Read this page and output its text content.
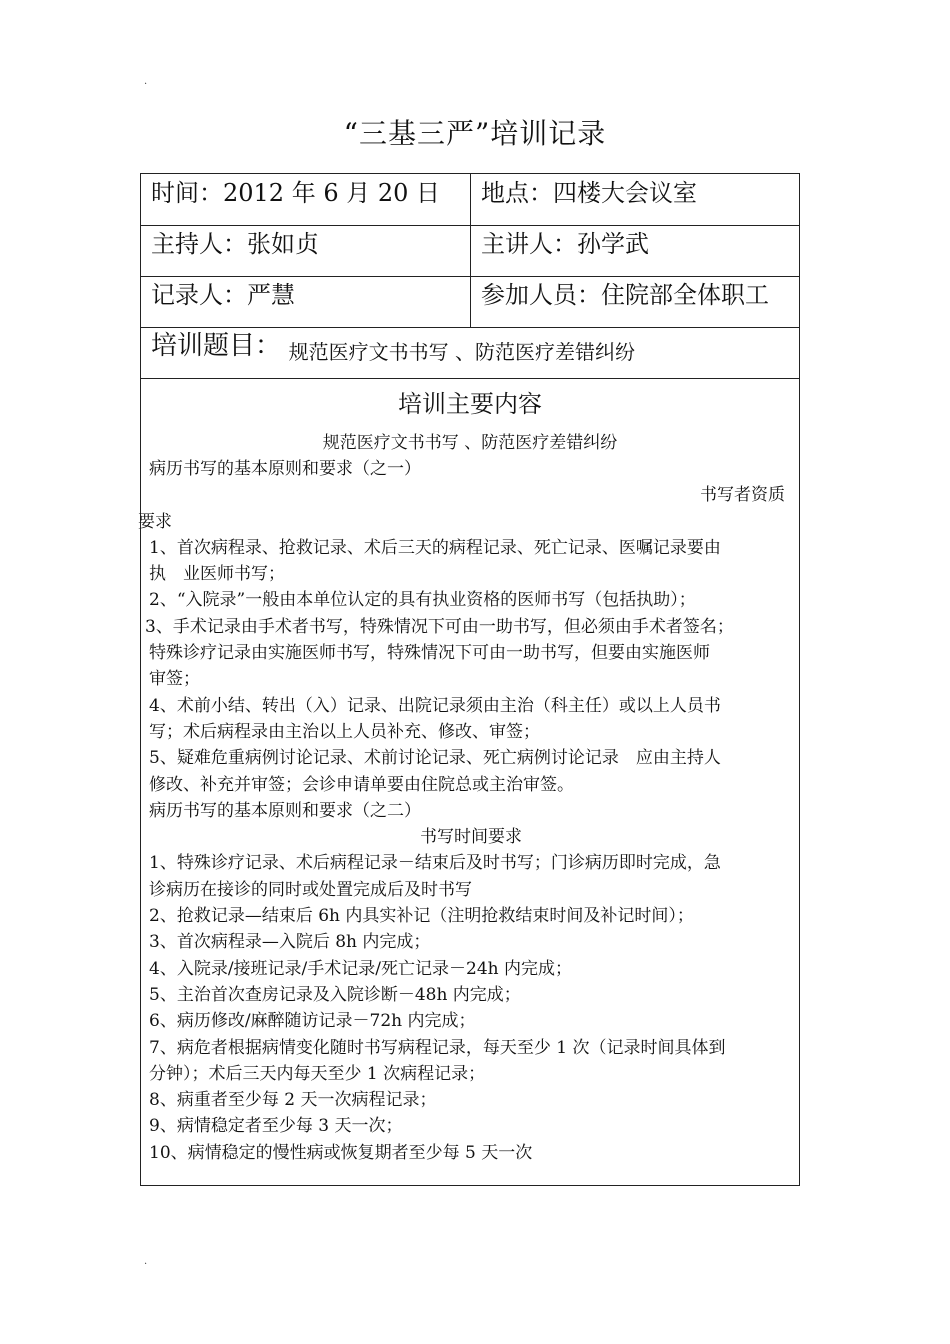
.
“三基三严”培训记录
时间：2012 年 6 月 20 日	地点：四楼大会议室
主持人：张如贞	主讲人：孙学武
记录人：严慧	参加人员：住院部全体职工
培训题目： $_{规范医疗文书书写 、防范医疗差错纠纷}$
培训主要内容
规范医疗文书书写 、防范医疗差错纠纷
病历书写的基本原则和要求（之一）
书写者资质
要求
1、首次病程录、抢救记录、术后三天的病程记录、死亡记录、医嘱记录要由
执　业医师书写；
2、“入院录”一般由本单位认定的具有执业资格的医师书写（包括执助）；
3、手术记录由手术者书写，特殊情况下可由一助书写，但必须由手术者签名；
特殊诊疗记录由实施医师书写，特殊情况下可由一助书写，但要由实施医师
审签；
4、术前小结、转出（入）记录、出院记录须由主治（科主任）或以上人员书
写；术后病程录由主治以上人员补充、修改、审签；
5、疑难危重病例讨论记录、术前讨论记录、死亡病例讨论记录　应由主持人
修改、补充并审签；会诊申请单要由住院总或主治审签。
病历书写的基本原则和要求（之二）
书写时间要求
1、特殊诊疗记录、术后病程记录－结束后及时书写；门诊病历即时完成，急
诊病历在接诊的同时或处置完成后及时书写
2、抢救记录—结束后 6h 内具实补记（注明抢救结束时间及补记时间）；
3、首次病程录—入院后 8h 内完成；
4、入院录/接班记录/手术记录/死亡记录－24h 内完成；
5、主治首次查房记录及入院诊断－48h 内完成；
6、病历修改/麻醉随访记录－72h 内完成；
7、病危者根据病情变化随时书写病程记录，每天至少 1 次（记录时间具体到
分钟）；术后三天内每天至少 1 次病程记录；
8、病重者至少每 2 天一次病程记录；
9、病情稳定者至少每 3 天一次；
10、病情稳定的慢性病或恢复期者至少每 5 天一次
.
